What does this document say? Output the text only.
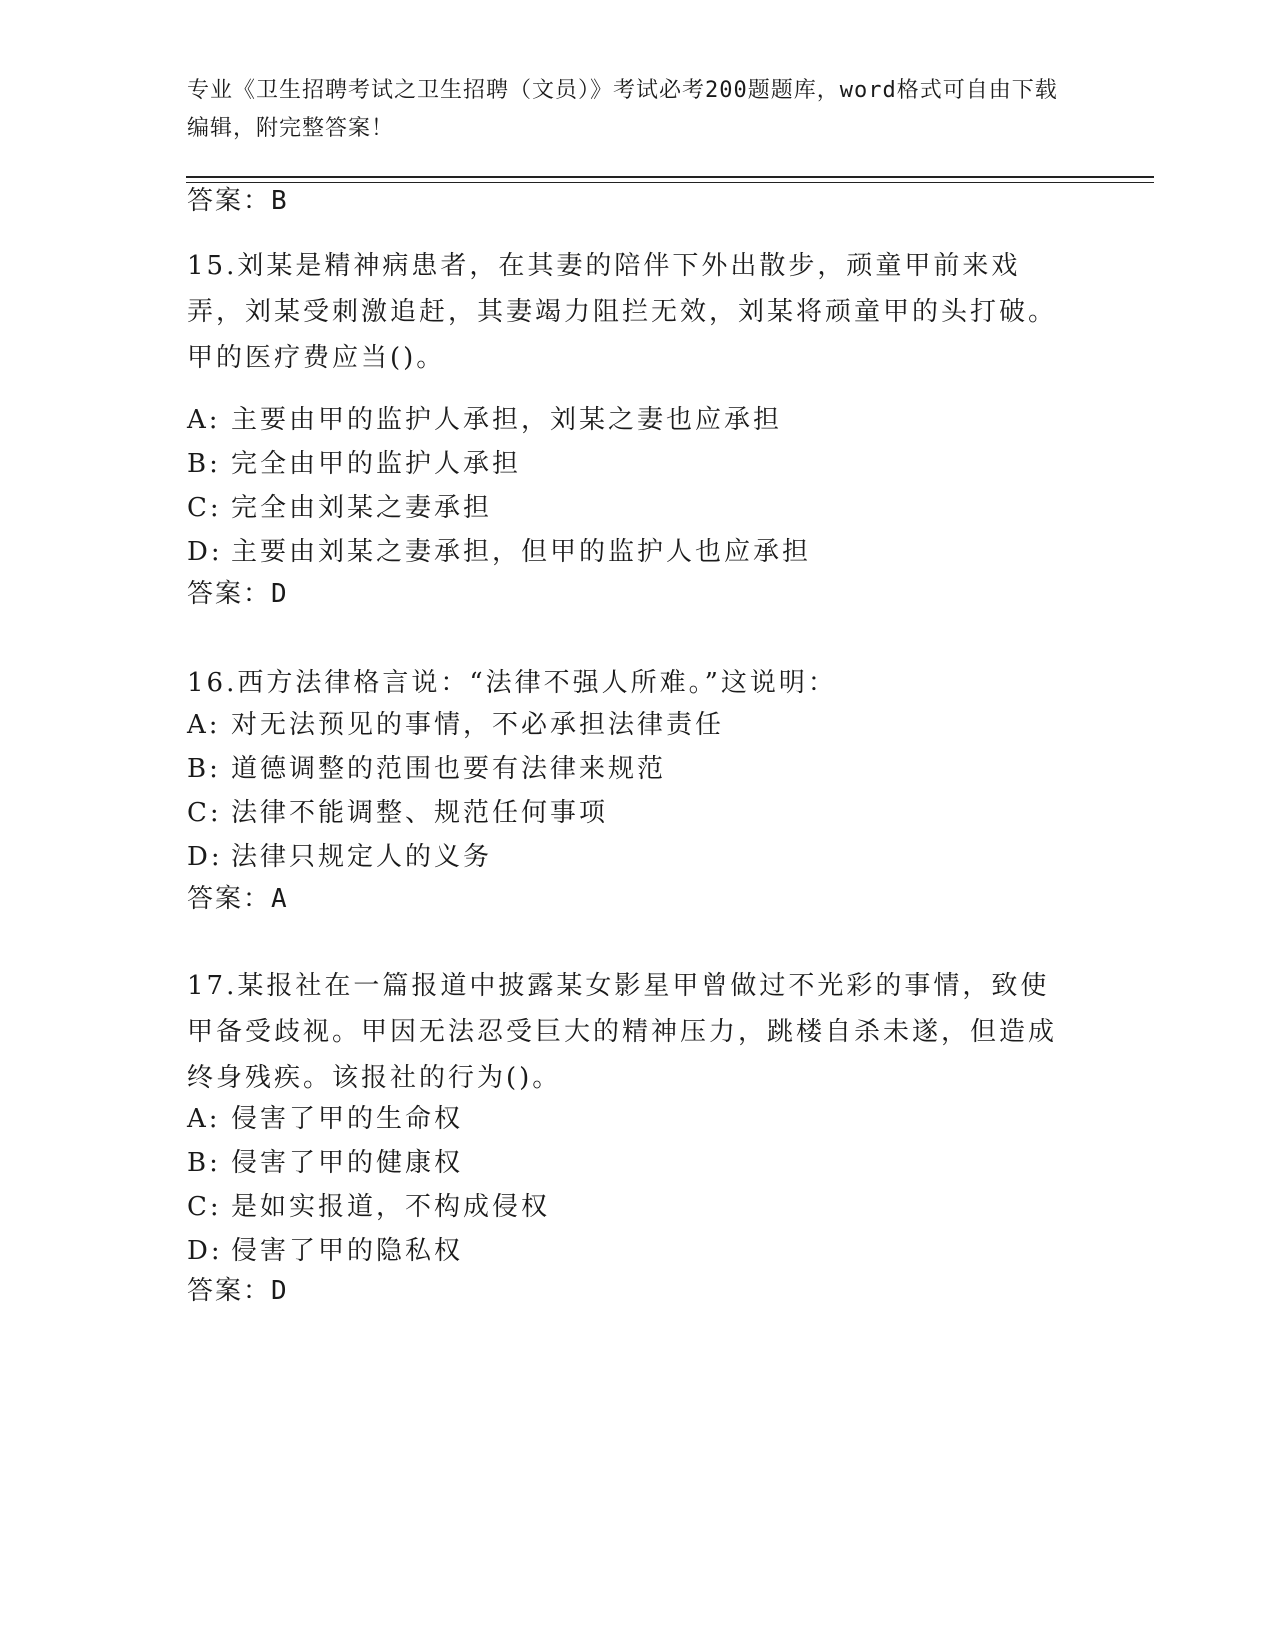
专业《卫生招聘考试之卫生招聘（文员）》考试必考200题题库，word格式可自由下载编辑，附完整答案！
答案：B
15.刘某是精神病患者，在其妻的陪伴下外出散步，顽童甲前来戏弄，刘某受刺激追赶，其妻竭力阻拦无效，刘某将顽童甲的头打破。甲的医疗费应当()。
A: 主要由甲的监护人承担，刘某之妻也应承担
B: 完全由甲的监护人承担
C: 完全由刘某之妻承担
D: 主要由刘某之妻承担，但甲的监护人也应承担
答案：D
16.西方法律格言说：“法律不强人所难。”这说明：
A: 对无法预见的事情，不必承担法律责任
B: 道德调整的范围也要有法律来规范
C: 法律不能调整、规范任何事项
D: 法律只规定人的义务
答案：A
17.某报社在一篇报道中披露某女影星甲曾做过不光彩的事情，致使甲备受歧视。甲因无法忍受巨大的精神压力，跳楼自杀未遂，但造成终身残疾。该报社的行为()。
A: 侵害了甲的生命权
B: 侵害了甲的健康权
C: 是如实报道，不构成侵权
D: 侵害了甲的隐私权
答案：D
